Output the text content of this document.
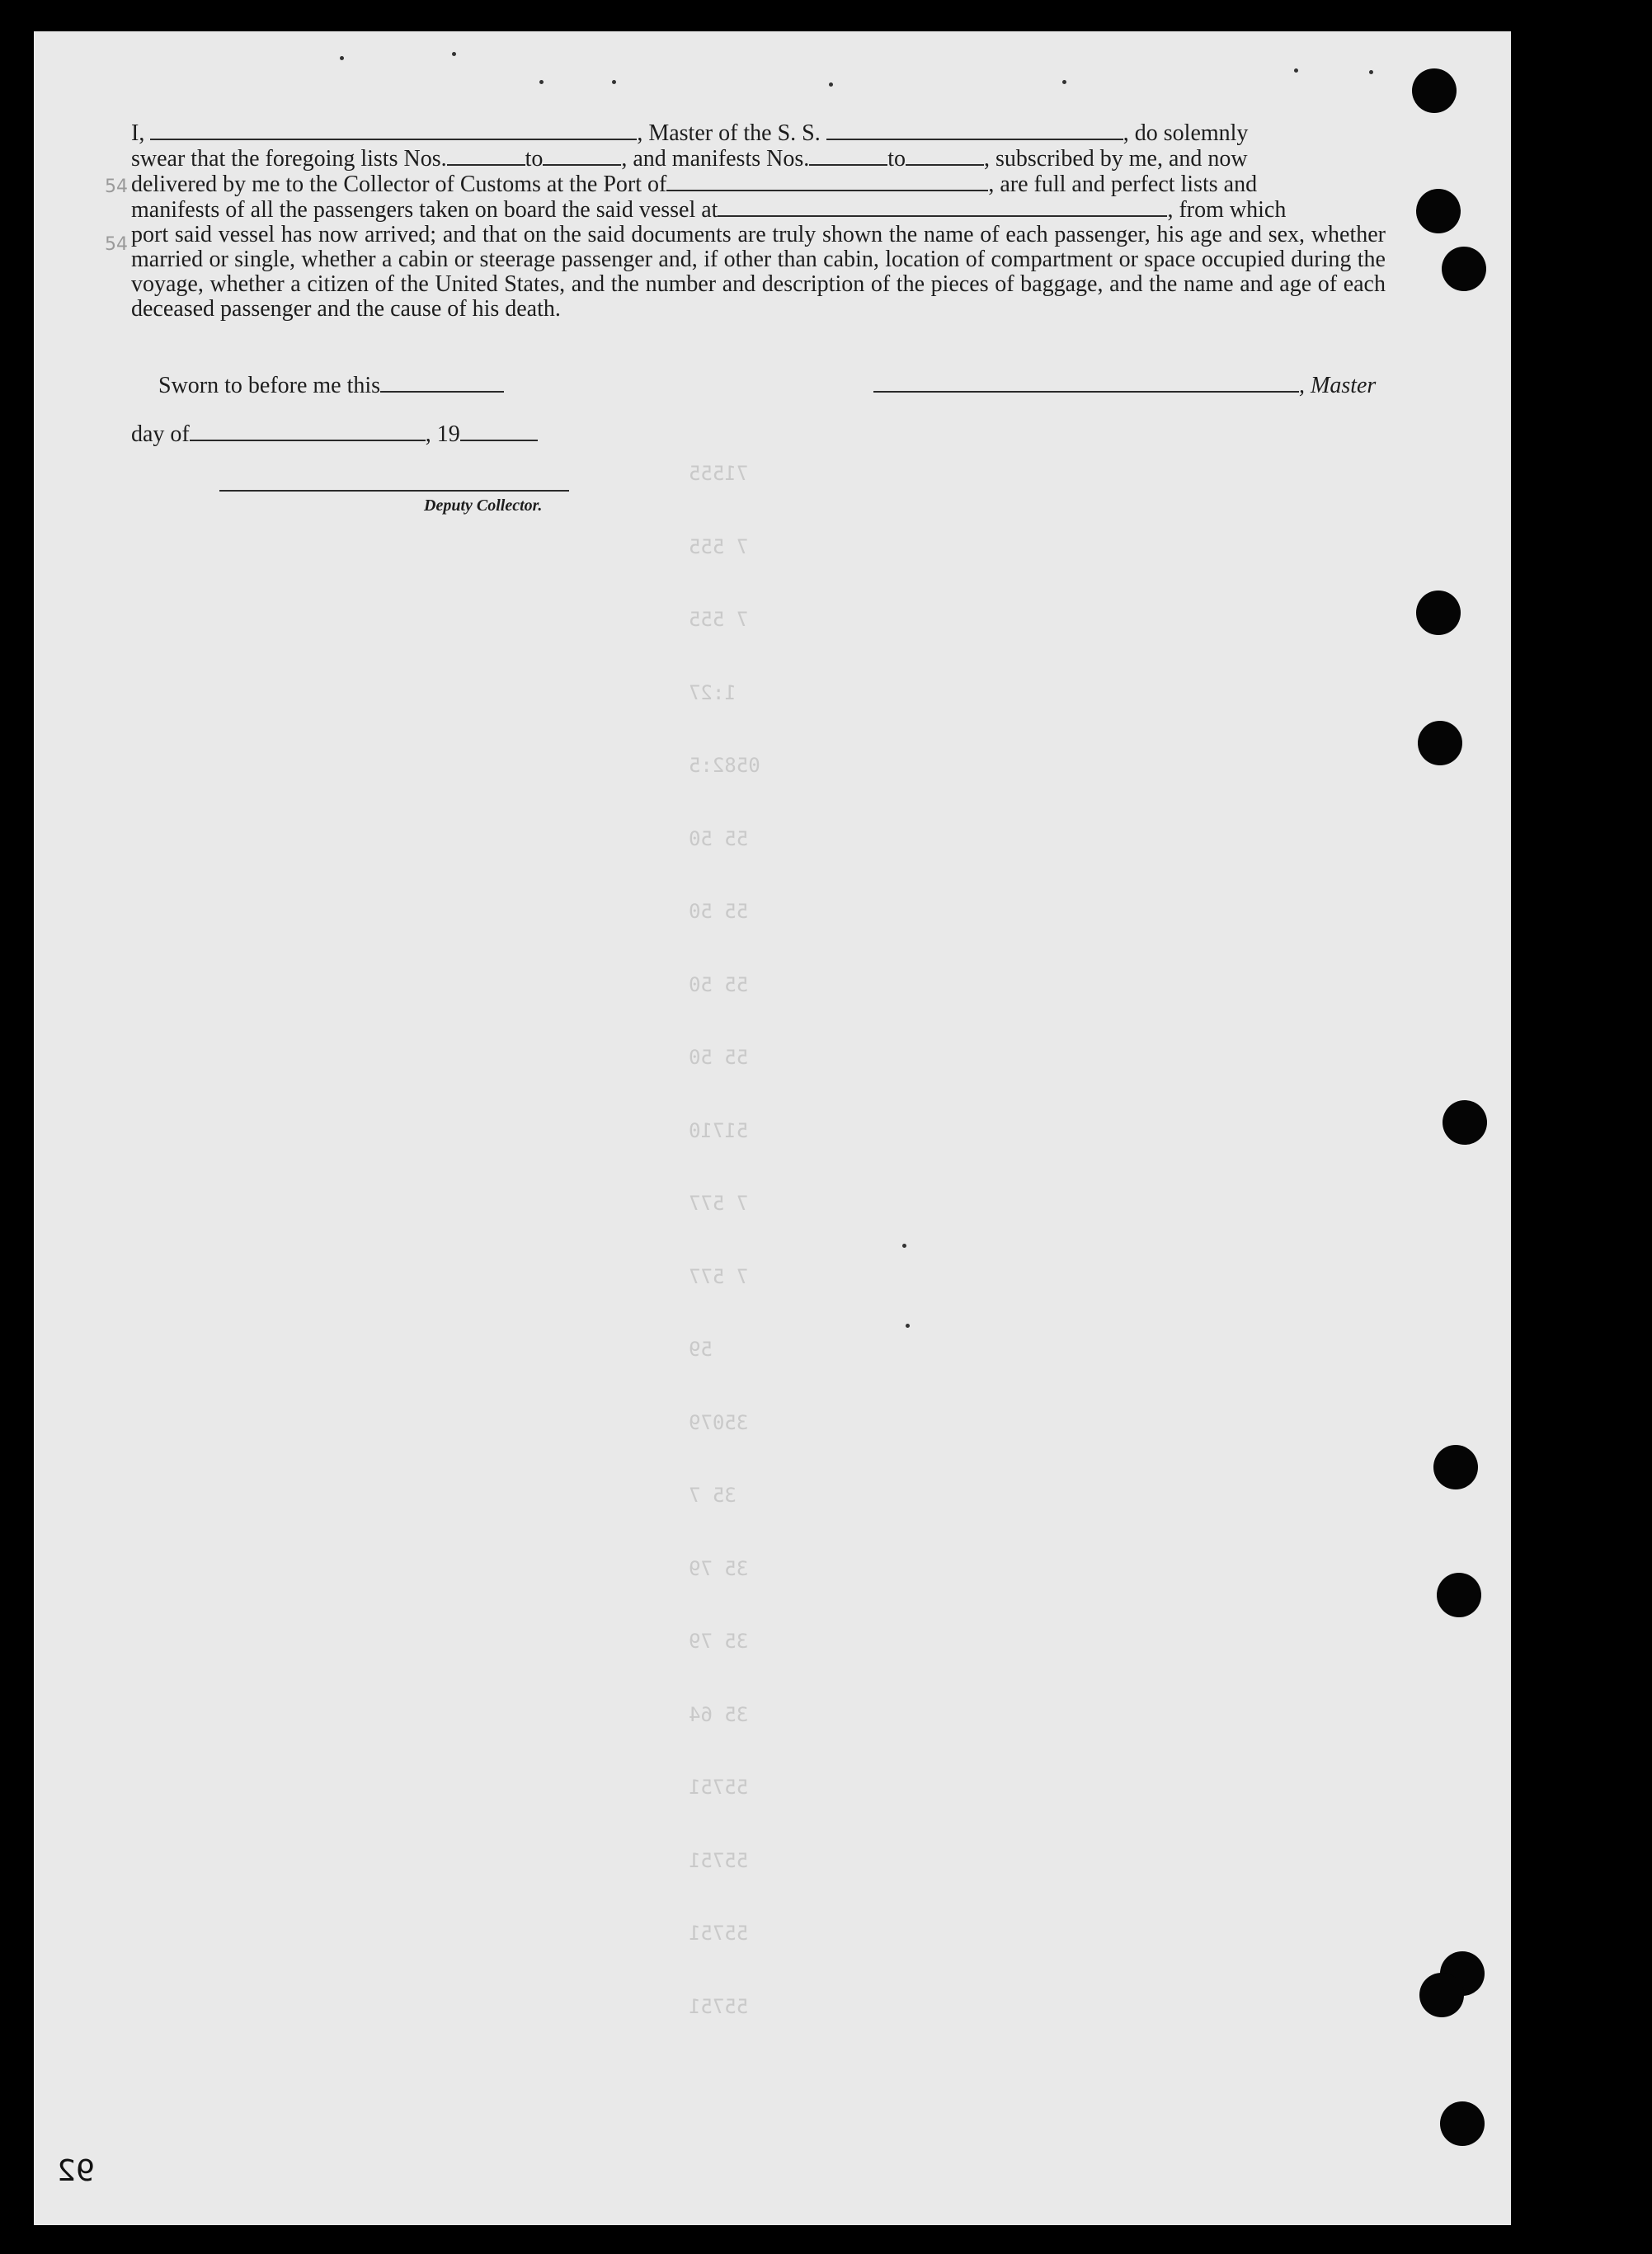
I,	, Master of the S. S.	, do solemnly
swear that the foregoing lists Nos.	to	, and manifests Nos.	to	, subscribed by me, and now
delivered by me to the Collector of Customs at the Port of	, are full and perfect lists and
manifests of all the passengers taken on board the said vessel at	, from which
port said vessel has now arrived; and that on the said documents are truly shown the name of each passenger, his age and sex, whether married or single, whether a cabin or steerage passenger and, if other than cabin, location of compartment or space occupied during the voyage, whether a citizen of the United States, and the number and description of the pieces of baggage, and the name and age of each deceased passenger and the cause of his death.
Sworn to before me this	, Master
day of	, 19
Deputy Collector.
71555
7 555
7 555
1:27
0582:5
55 50
55 50
55 50
55 50
51710
7 577
7 577
59
35079
35 7
35 79
35 79
35 64
55751
55751
55751
55751
54
54
92
